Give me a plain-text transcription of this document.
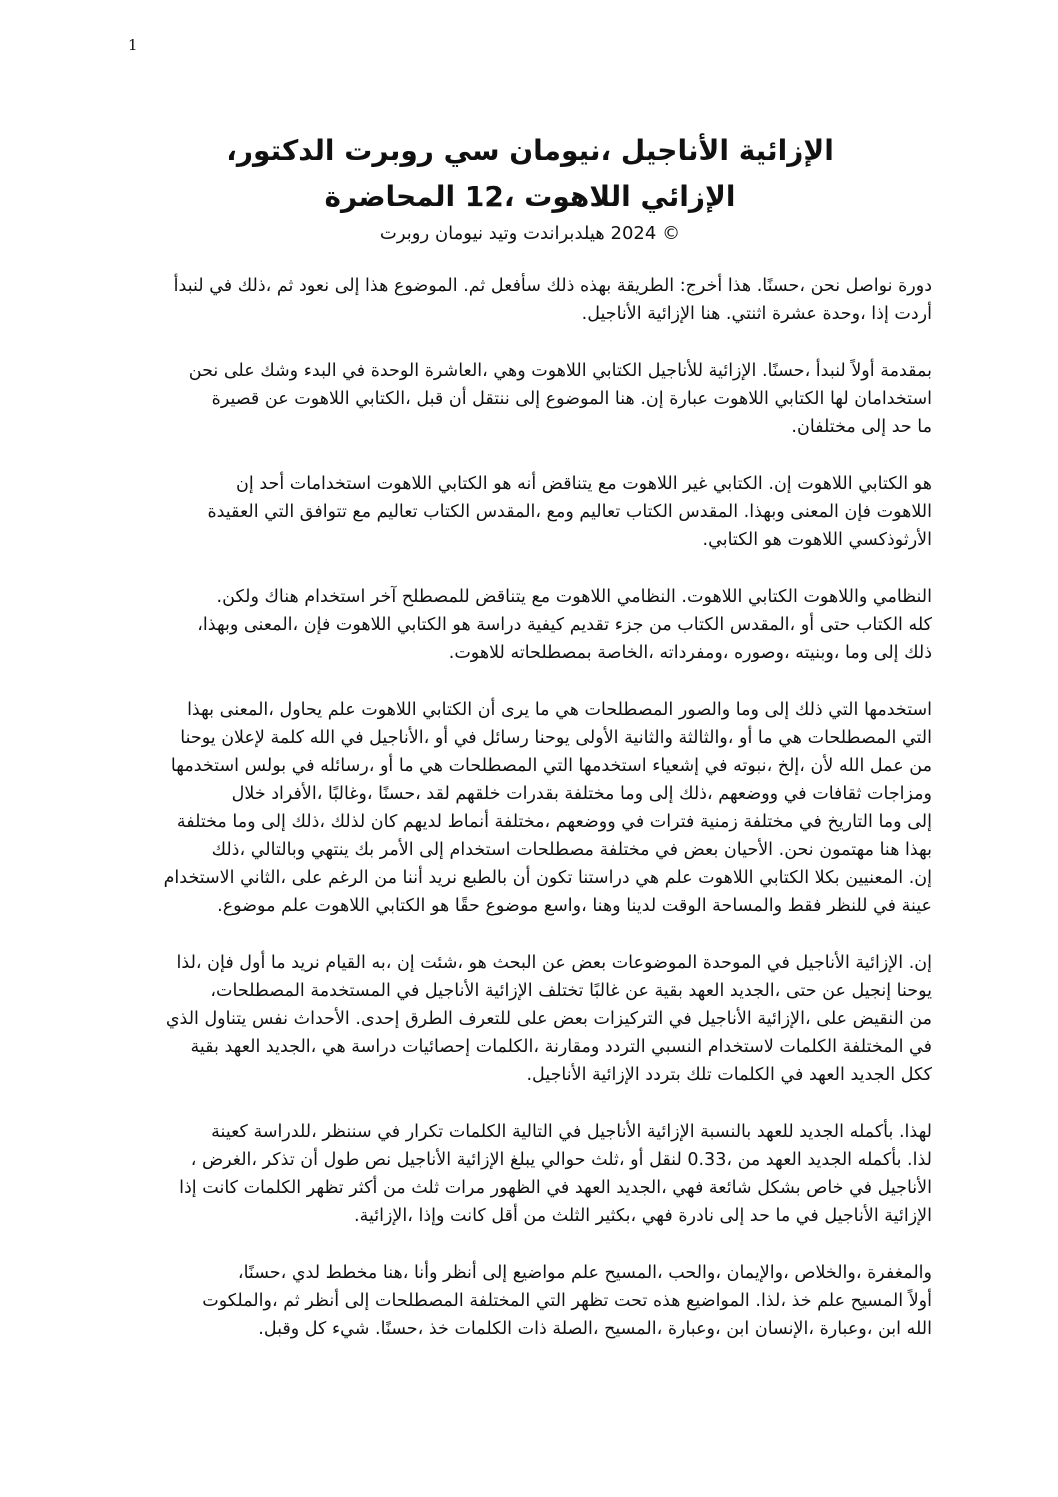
1
،الدكتور روبرت سي نيومان، الأناجيل الإزائية
المحاضرة 12، اللاهوت الإزائي
روبرت نيومان وتيد هيلدبراندت 2024 ©
لنبدأ في ذلك، ثم نعود إلى هذا الموضوع .ثم سأفعل ذلك بهذه الطريقة :أخرج هذا .حسنًا، نحن نواصل دورة
.الأناجيل الإزائية هنا .اثنتي عشرة وحدة، إذا أردت
نحن على وشك البدء في الوحدة العاشرة، وهي اللاهوت الكتابي للأناجيل الإزائية .حسنًا، لنبدأ أولاً بمقدمة
قصيرة عن اللاهوت الكتابي، قبل أن ننتقل إلى الموضوع هنا .إن عبارة اللاهوت الكتابي لها استخدامان
.مختلفان إلى حد ما
إن أحد استخدامات اللاهوت الكتابي هو أنه يتناقض مع اللاهوت غير الكتابي .إن اللاهوت الكتابي هو
العقيدة التي تتوافق مع تعاليم الكتاب المقدس، ومع تعاليم الكتاب المقدس .وبهذا المعنى فإن اللاهوت
.الكتابي هو اللاهوت الأرثوذكسي
.ولكن هناك استخدام آخر للمصطلح يتناقض مع اللاهوت النظامي .اللاهوت الكتابي واللاهوت النظامي
،وبهذا المعنى، فإن اللاهوت الكتابي هو دراسة كيفية تقديم جزء من الكتاب المقدس، أو حتى الكتاب كله
.للاهوت بمصطلحاته الخاصة، ومفرداته، وصوره، وبنيته، وما إلى ذلك
بهذا المعنى، يحاول علم اللاهوت الكتابي أن يرى ما هي المصطلحات والصور وما إلى ذلك التي استخدمها
يوحنا لإعلان كلمة الله في الأناجيل، أو في رسائل يوحنا الأولى والثانية والثالثة، أو ما هي المصطلحات التي
استخدمها بولس في رسائله، أو ما هي المصطلحات التي استخدمها إشعياء في نبوته، إلخ، لأن الله عمل من
خلال الأفراد، وغالبًا، حسنًا، لقد خلقهم بقدرات مختلفة وما إلى ذلك، ووضعهم في ثقافات ومزاجات
مختلفة وما إلى ذلك، لذلك كان لديهم أنماط مختلفة، ووضعهم في فترات زمنية مختلفة في التاريخ وما إلى
ذلك، وبالتالي ينتهي بك الأمر إلى استخدام مصطلحات مختلفة في بعض الأحيان .نحن مهتمون هنا بهذا
الاستخدام الثاني، على الرغم من أننا نريد بالطبع أن تكون دراستنا هي علم اللاهوت الكتابي بكلا المعنيين .إن
.موضوع علم اللاهوت الكتابي هو حقًا موضوع واسع، وهنا لدينا الوقت والمساحة فقط للنظر في عينة
لذا، فإن أول ما نريد القيام به، إن شئت، هو البحث عن بعض الموضوعات الموحدة في الأناجيل الإزائية .إن
،المصطلحات المستخدمة في الأناجيل الإزائية تختلف غالبًا عن بقية العهد الجديد، حتى عن إنجيل يوحنا
الذي يتناول نفس الأحداث .إحدى الطرق للتعرف على بعض التركيزات في الأناجيل الإزائية، على النقيض من
بقية العهد الجديد، هي دراسة إحصائيات الكلمات، ومقارنة التردد النسبي لاستخدام الكلمات المختلفة في
.الأناجيل الإزائية بتردد تلك الكلمات في العهد الجديد ككل
كعينة للدراسة، سننظر في تكرار الكلمات التالية في الأناجيل الإزائية بالنسبة للعهد الجديد بأكمله .لهذا
، الغرض، تذكر أن طول نص الأناجيل الإزائية يبلغ حوالي ثلث، أو لنقل 0.33، من العهد الجديد بأكمله .لذا
إذا كانت الكلمات تظهر أكثر من ثلث مرات الظهور في العهد الجديد، فهي شائعة بشكل خاص في الأناجيل
.الإزائية، وإذا كانت أقل من الثلث بكثير، فهي نادرة إلى حد ما في الأناجيل الإزائية
،حسنًا، لدي مخطط هنا، وأنا أنظر إلى مواضيع علم المسيح، والحب، والإيمان، والخلاص، والمغفرة
والملكوت، ثم أنظر إلى المصطلحات المختلفة التي تظهر تحت هذه المواضيع .لذا، خذ علم المسيح أولاً
.وقبل كل شيء .حسنًا، خذ الكلمات ذات الصلة، المسيح، وعبارة، ابن الإنسان، وعبارة، ابن الله
